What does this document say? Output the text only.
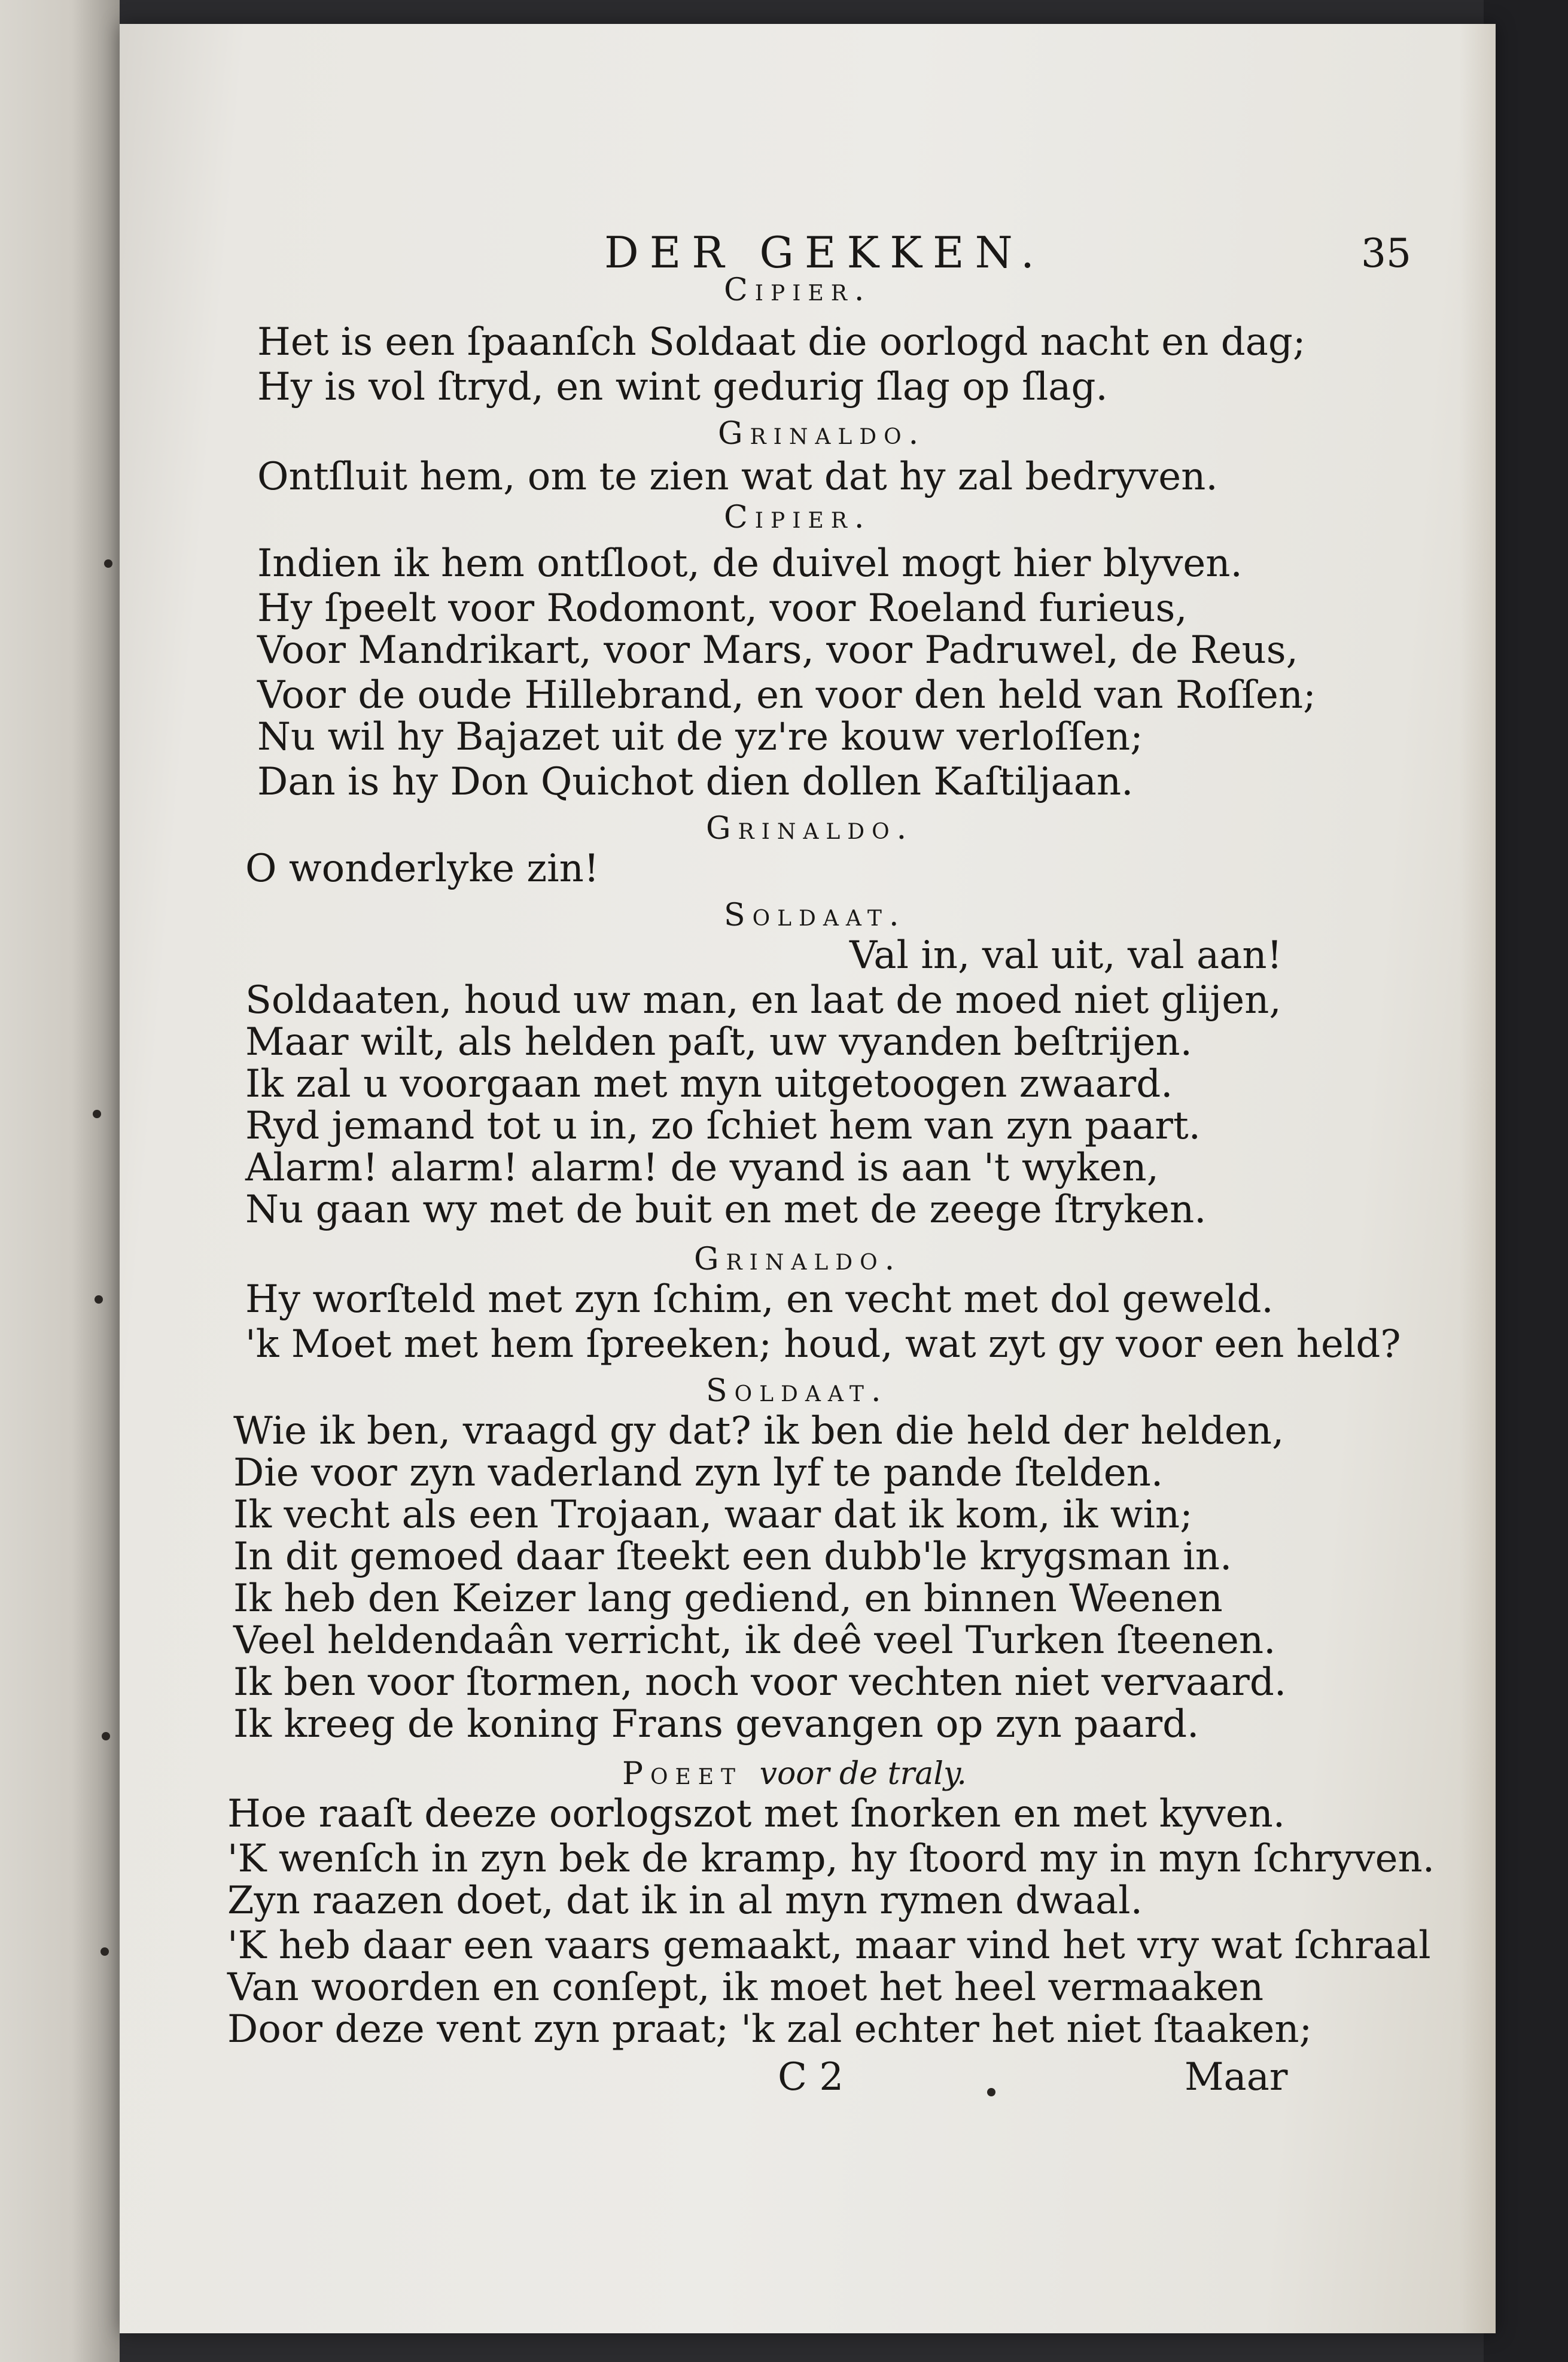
DER GEKKEN.	35
Cipier.
Het is een ſpaanſch Soldaat die oorlogd nacht en dag;
Hy is vol ſtryd, en wint gedurig ſlag op ſlag.
Grinaldo.
Ontſluit hem, om te zien wat dat hy zal bedryven.
Cipier.
Indien ik hem ontſloot, de duivel mogt hier blyven.
Hy ſpeelt voor Rodomont, voor Roeland furieus,
Voor Mandrikart, voor Mars, voor Padruwel, de Reus,
Voor de oude Hillebrand, en voor den held van Roſſen;
Nu wil hy Bajazet uit de yz're kouw verloſſen;
Dan is hy Don Quichot dien dollen Kaſtiljaan.
Grinaldo.
O wonderlyke zin!
Soldaat.
Val in, val uit, val aan!
Soldaaten, houd uw man, en laat de moed niet glijen,
Maar wilt, als helden paſt, uw vyanden beſtrijen.
Ik zal u voorgaan met myn uitgetoogen zwaard.
Ryd jemand tot u in, zo ſchiet hem van zyn paart.
Alarm! alarm! alarm! de vyand is aan 't wyken,
Nu gaan wy met de buit en met de zeege ſtryken.
Grinaldo.
Hy worſteld met zyn ſchim, en vecht met dol geweld.
'k Moet met hem ſpreeken; houd, wat zyt gy voor een held?
Soldaat.
Wie ik ben, vraagd gy dat? ik ben die held der helden,
Die voor zyn vaderland zyn lyf te pande ſtelden.
Ik vecht als een Trojaan, waar dat ik kom, ik win;
In dit gemoed daar ſteekt een dubb'le krygsman in.
Ik heb den Keizer lang gediend, en binnen Weenen
Veel heldendaân verricht, ik deê veel Turken ſteenen.
Ik ben voor ſtormen, noch voor vechten niet vervaard.
Ik kreeg de koning Frans gevangen op zyn paard.
Poeet voor de traly.
Hoe raaſt deeze oorlogszot met ſnorken en met kyven.
'K wenſch in zyn bek de kramp, hy ſtoord my in myn ſchryven.
Zyn raazen doet, dat ik in al myn rymen dwaal.
'K heb daar een vaars gemaakt, maar vind het vry wat ſchraal
Van woorden en conſept, ik moet het heel vermaaken
Door deze vent zyn praat; 'k zal echter het niet ſtaaken;
C 2	Maar
